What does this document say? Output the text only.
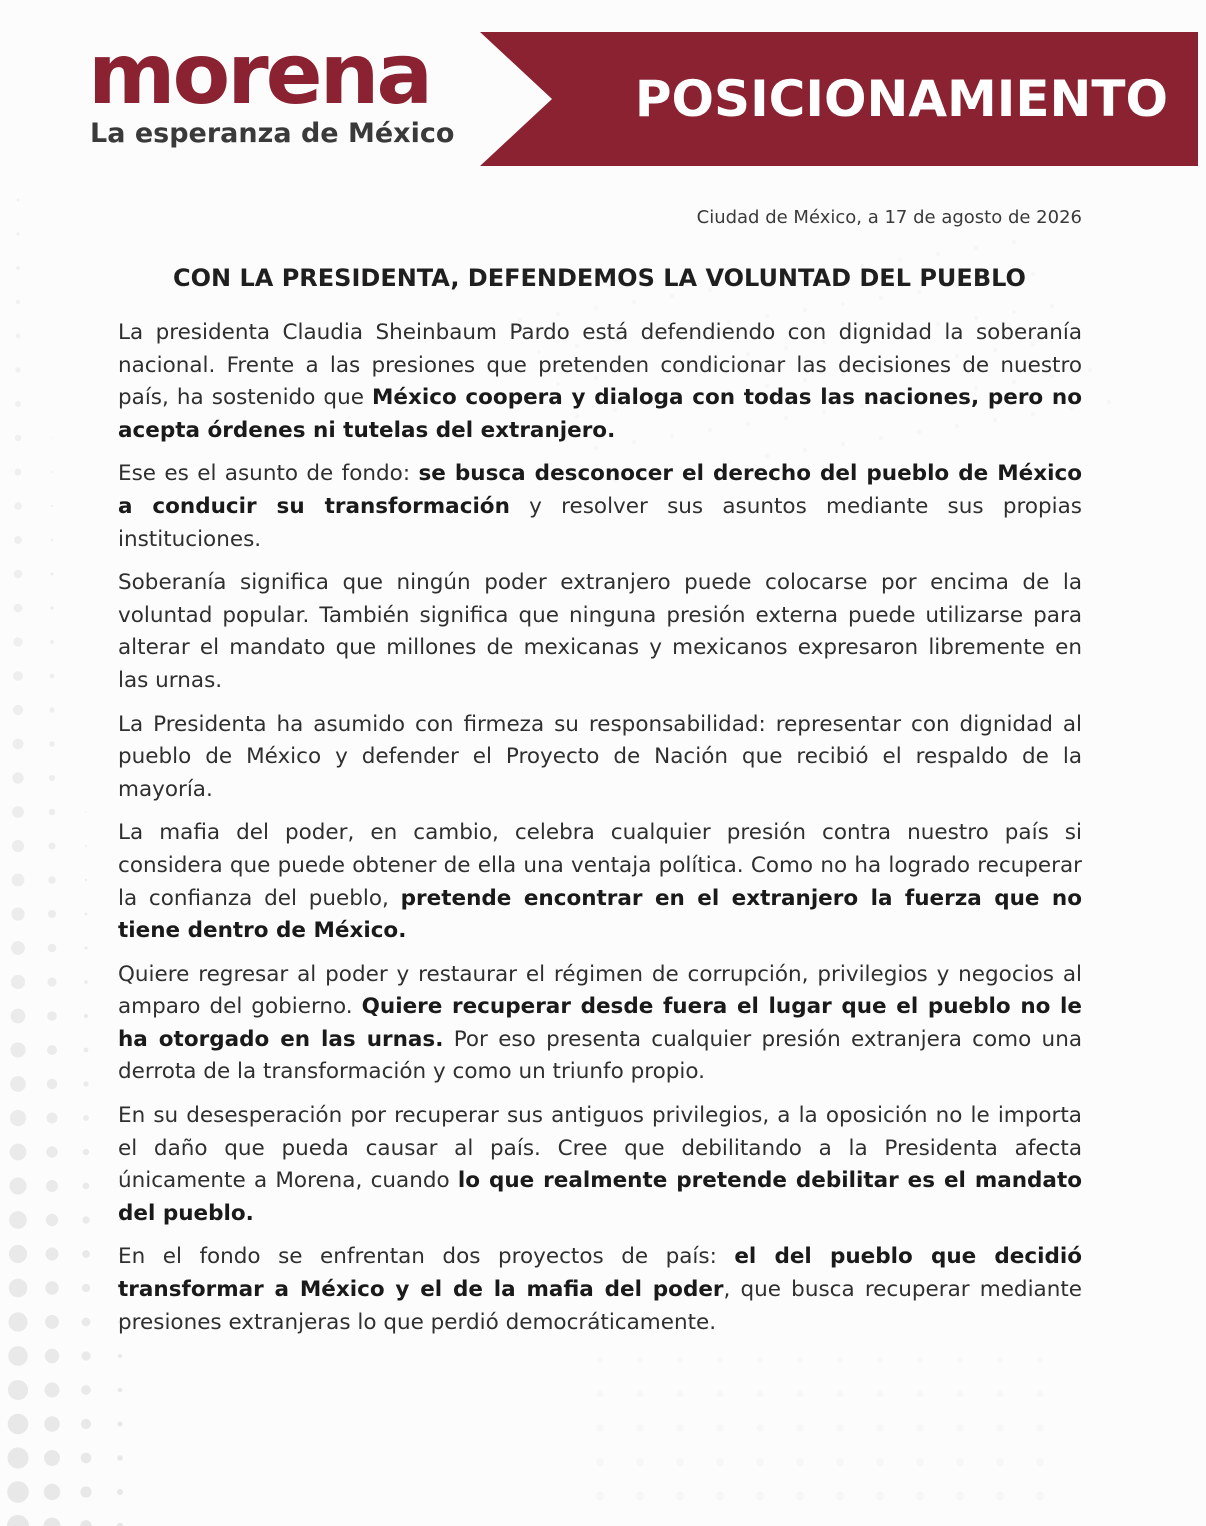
morena
La esperanza de México
POSICIONAMIENTO
Ciudad de México, a 17 de agosto de 2026
CON LA PRESIDENTA, DEFENDEMOS LA VOLUNTAD DEL PUEBLO

La presidenta Claudia Sheinbaum Pardo está defendiendo con dignidad la soberanía nacional. Frente a las presiones que pretenden condicionar las decisiones de nuestro país, ha sostenido que México coopera y dialoga con todas las naciones, pero no acepta órdenes ni tutelas del extranjero.

Ese es el asunto de fondo: se busca desconocer el derecho del pueblo de México a conducir su transformación y resolver sus asuntos mediante sus propias instituciones.

Soberanía significa que ningún poder extranjero puede colocarse por encima de la voluntad popular. También significa que ninguna presión externa puede utilizarse para alterar el mandato que millones de mexicanas y mexicanos expresaron libremente en las urnas.

La Presidenta ha asumido con firmeza su responsabilidad: representar con dignidad al pueblo de México y defender el Proyecto de Nación que recibió el respaldo de la mayoría.

La mafia del poder, en cambio, celebra cualquier presión contra nuestro país si considera que puede obtener de ella una ventaja política. Como no ha logrado recuperar la confianza del pueblo, pretende encontrar en el extranjero la fuerza que no tiene dentro de México.

Quiere regresar al poder y restaurar el régimen de corrupción, privilegios y negocios al amparo del gobierno. Quiere recuperar desde fuera el lugar que el pueblo no le ha otorgado en las urnas. Por eso presenta cualquier presión extranjera como una derrota de la transformación y como un triunfo propio.

En su desesperación por recuperar sus antiguos privilegios, a la oposición no le importa el daño que pueda causar al país. Cree que debilitando a la Presidenta afecta únicamente a Morena, cuando lo que realmente pretende debilitar es el mandato del pueblo.

En el fondo se enfrentan dos proyectos de país: el del pueblo que decidió transformar a México y el de la mafia del poder, que busca recuperar mediante presiones extranjeras lo que perdió democráticamente.
